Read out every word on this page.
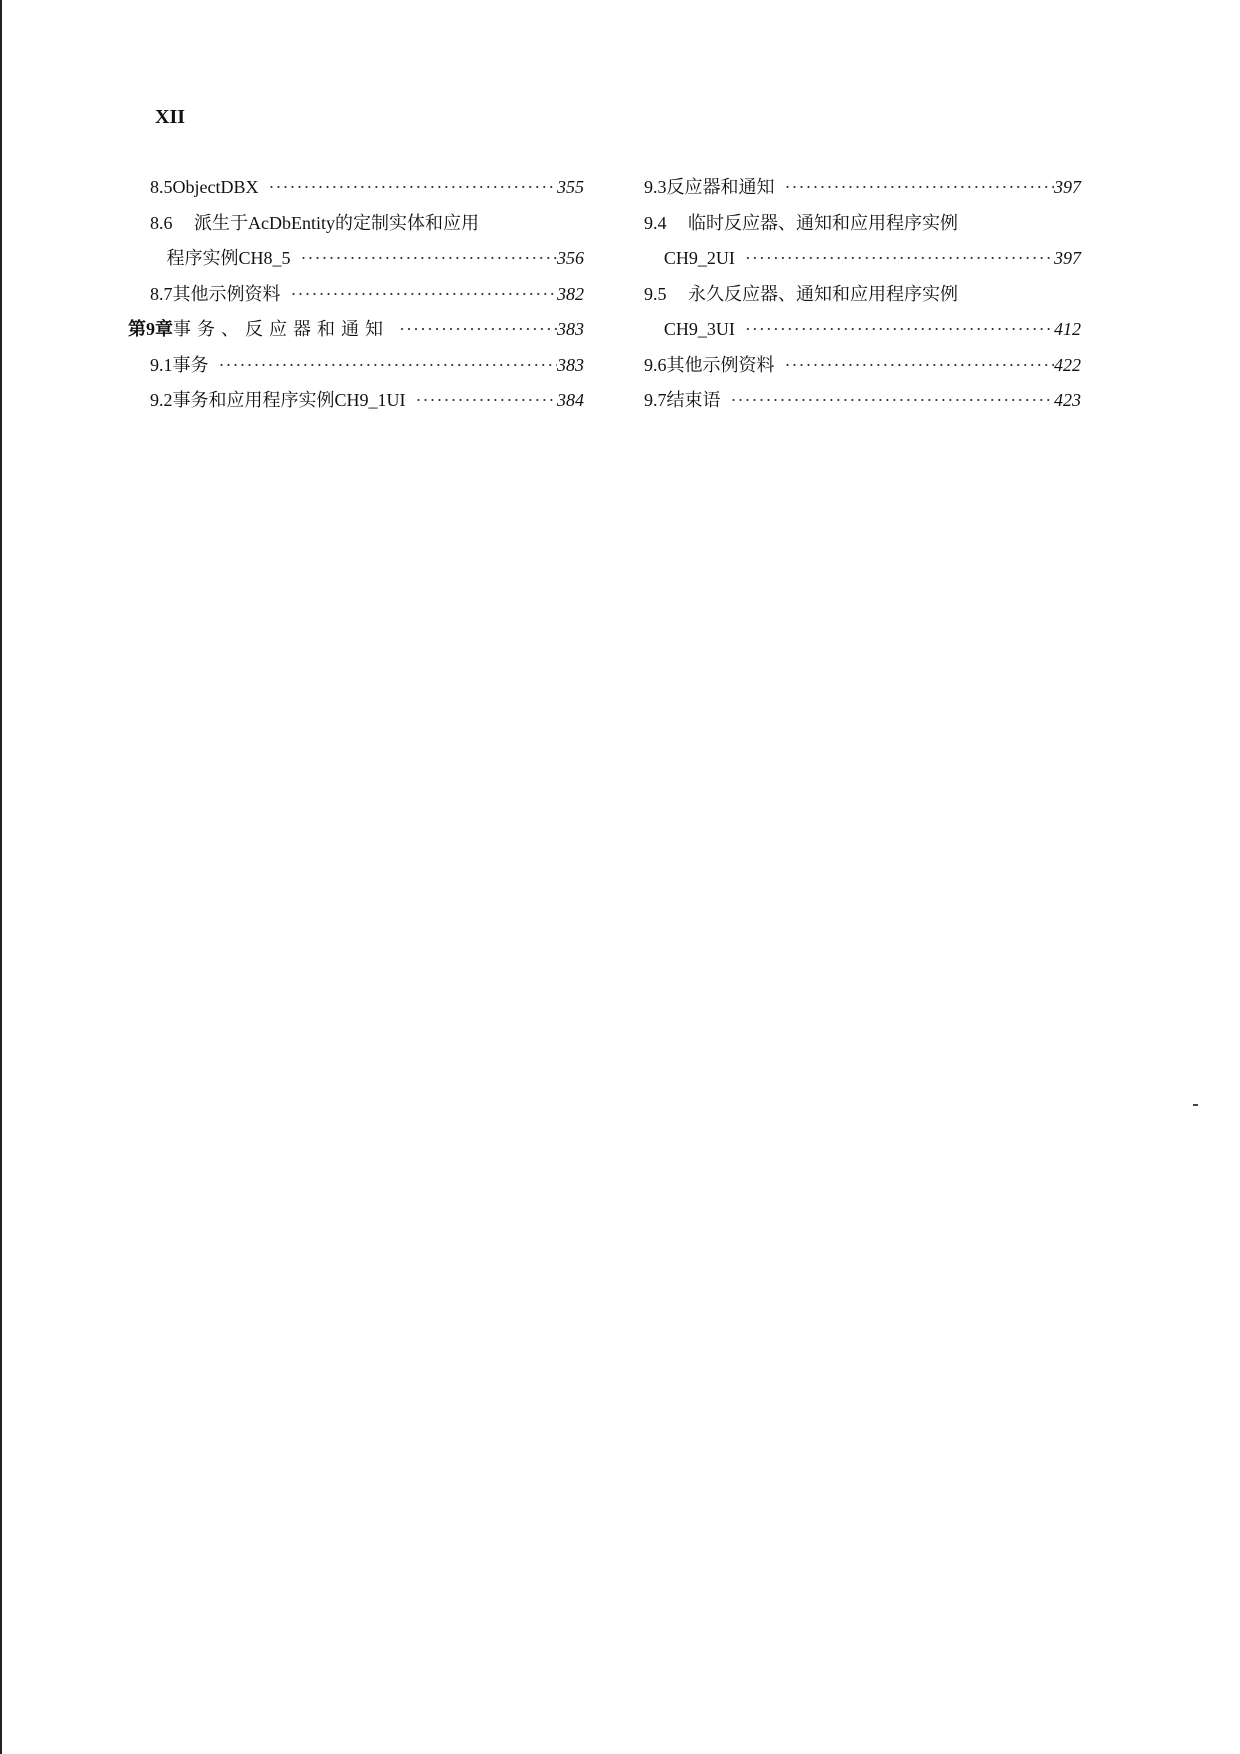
XII
8.5 ObjectDBX ·····	355
8.6	派生于AcDbEntity的定制实体和应用
程序实例CH8_5 ·····	356
8.7 其他示例资料 ·····	382
第9章 事务、反应器和通知 ·····	383
9.1 事务 ·····	383
9.2 事务和应用程序实例CH9_1UI ·····	384
9.3 反应器和通知 ·····	397
9.4	临时反应器、通知和应用程序实例
CH9_2UI ·····	397
9.5	永久反应器、通知和应用程序实例
CH9_3UI ·····	412
9.6 其他示例资料 ·····	422
9.7 结束语 ·····	423
